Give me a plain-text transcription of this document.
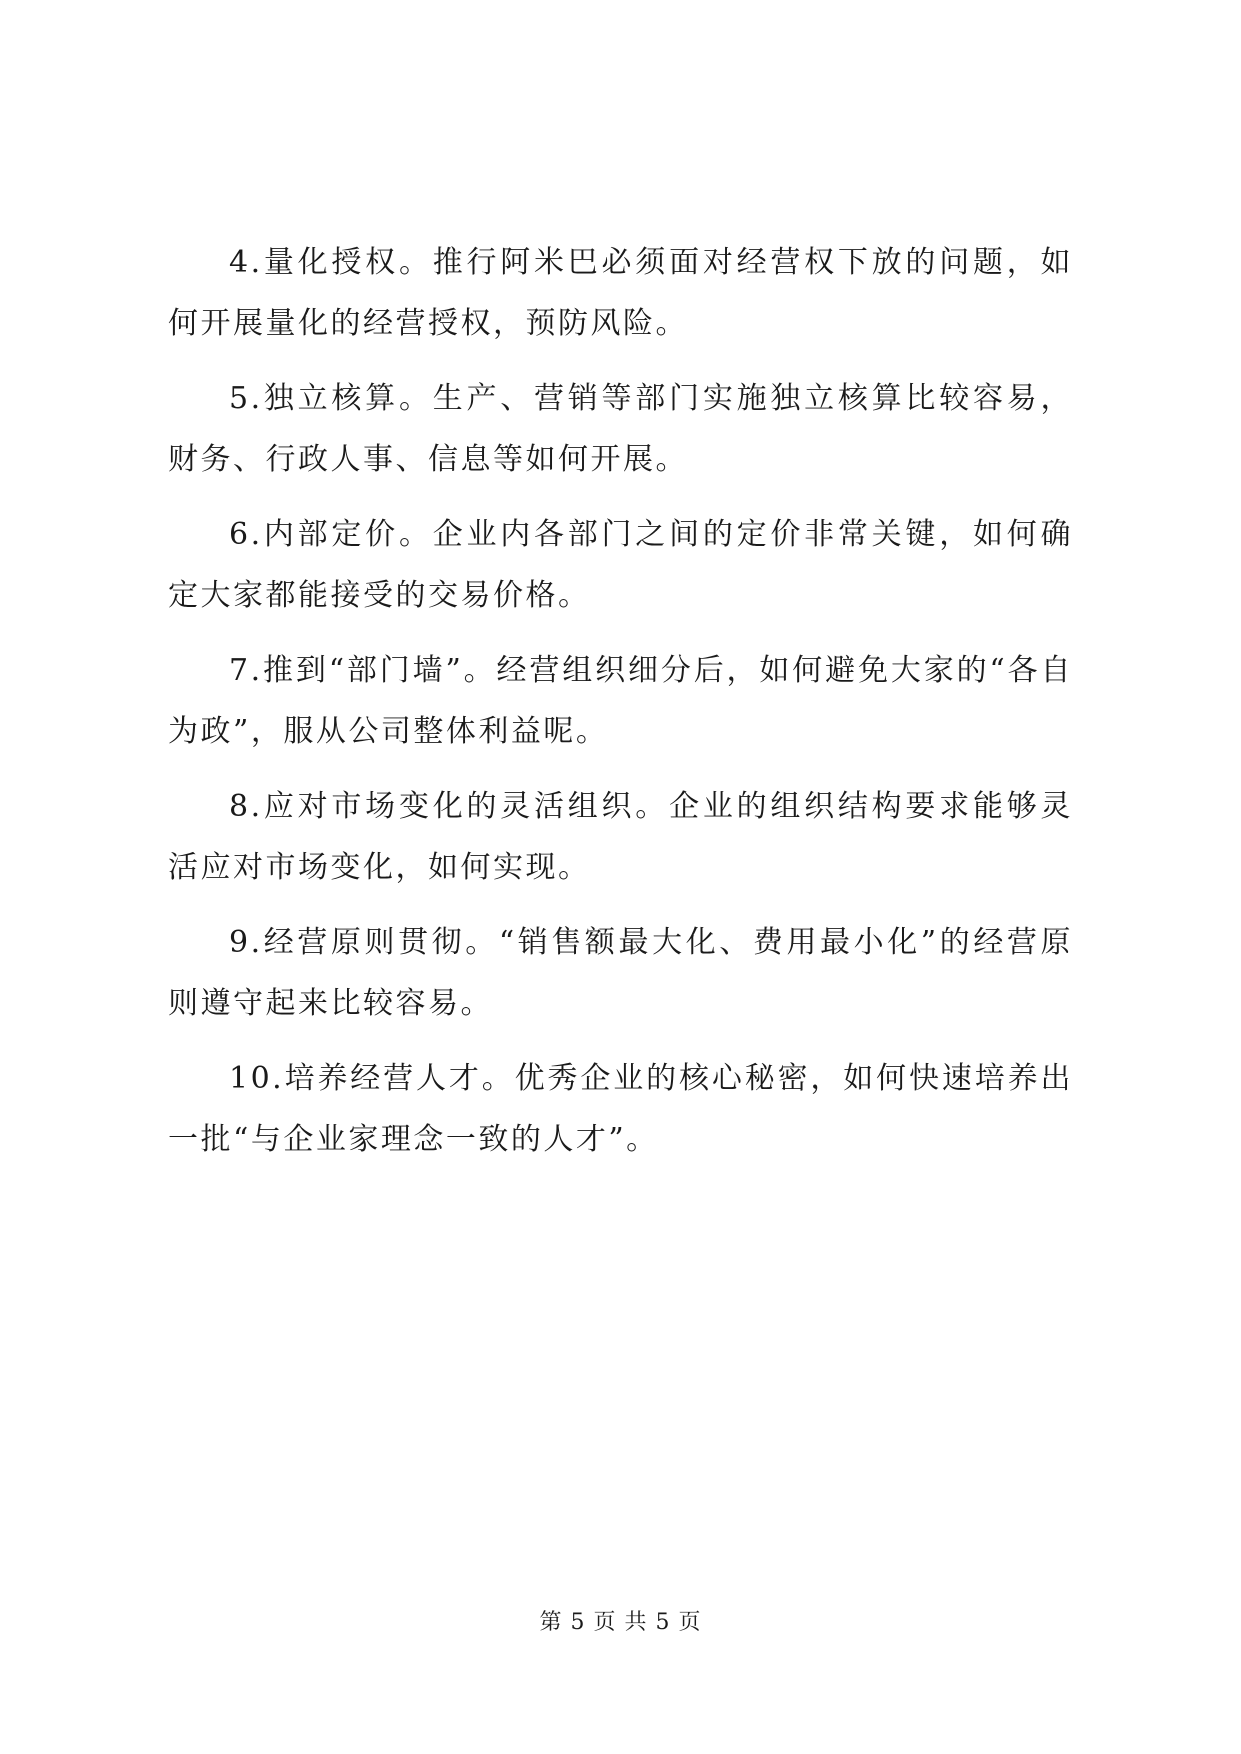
4.量化授权。推行阿米巴必须面对经营权下放的问题，如何开展量化的经营授权，预防风险。

5.独立核算。生产、营销等部门实施独立核算比较容易，财务、行政人事、信息等如何开展。

6.内部定价。企业内各部门之间的定价非常关键，如何确定大家都能接受的交易价格。

7.推到“部门墙”。经营组织细分后，如何避免大家的“各自为政”，服从公司整体利益呢。

8.应对市场变化的灵活组织。企业的组织结构要求能够灵活应对市场变化，如何实现。

9.经营原则贯彻。“销售额最大化、费用最小化”的经营原则遵守起来比较容易。

10.培养经营人才。优秀企业的核心秘密，如何快速培养出一批“与企业家理念一致的人才”。

第 5 页 共 5 页
